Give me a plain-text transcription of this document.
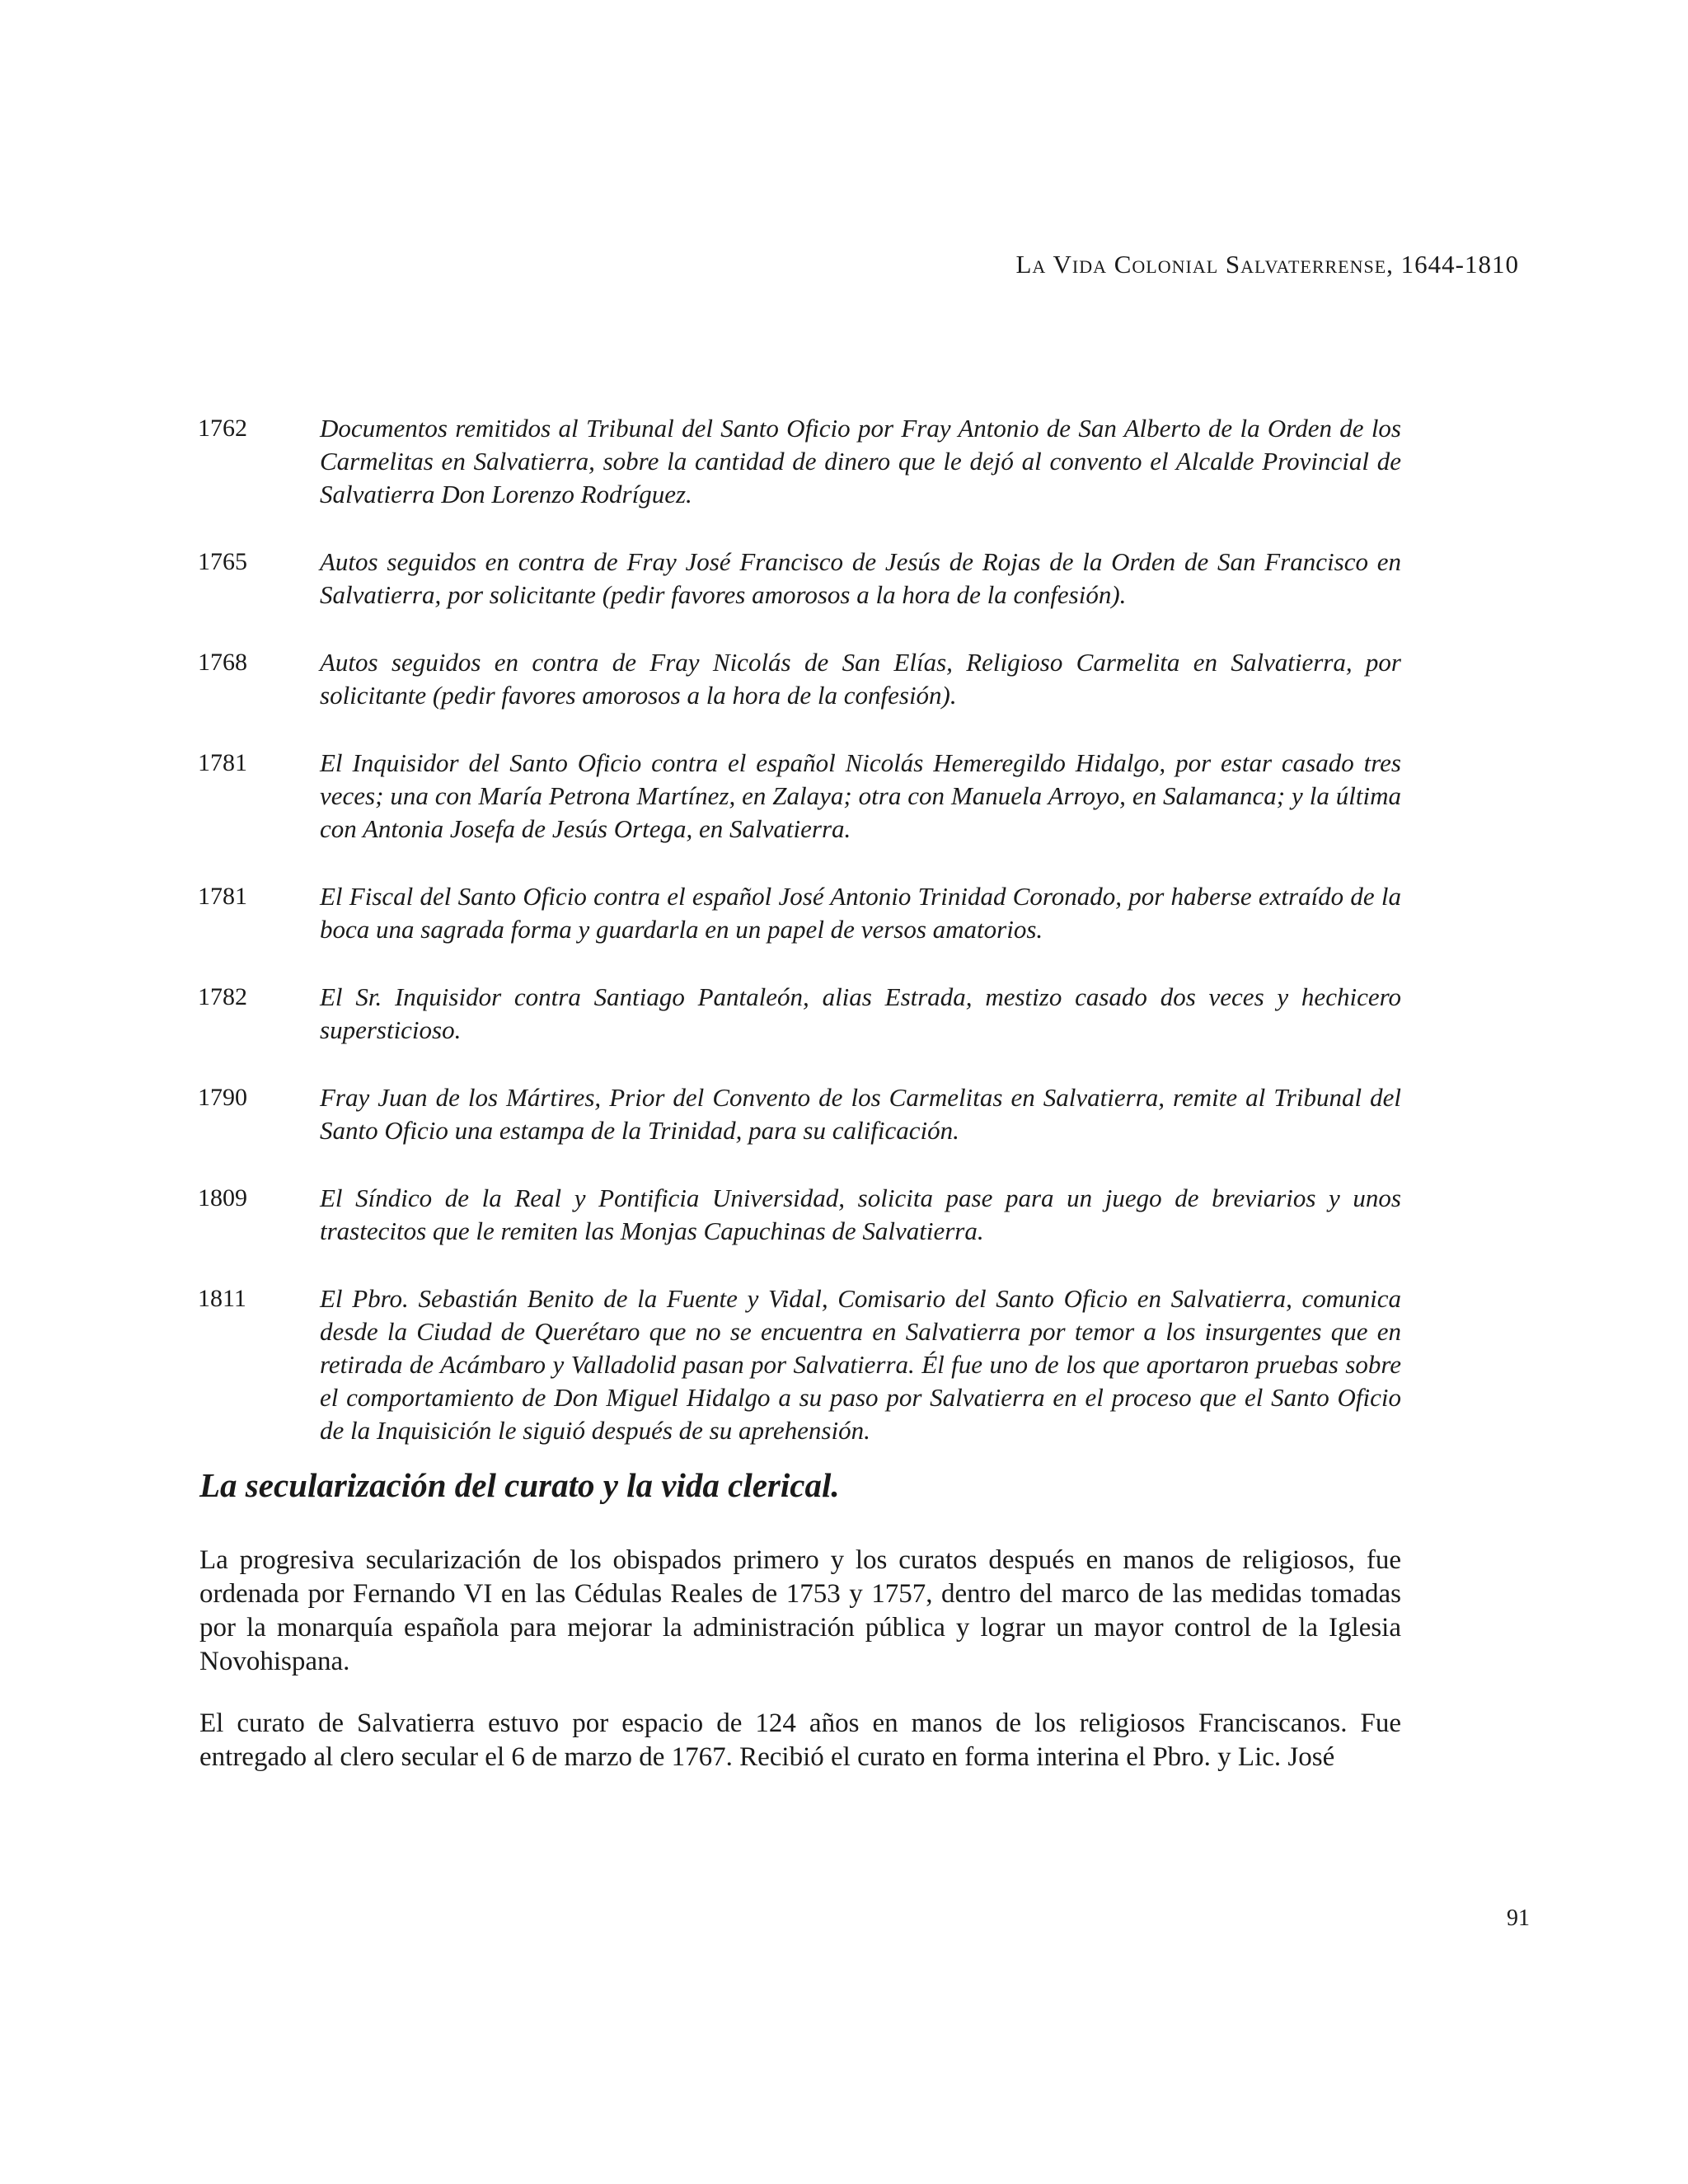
La Vida Colonial Salvaterrense, 1644-1810
1762	Documentos remitidos al Tribunal del Santo Oficio por Fray Antonio de San Alberto de la Orden de los Carmelitas en Salvatierra, sobre la cantidad de dinero que le dejó al convento el Alcalde Provincial de Salvatierra Don Lorenzo Rodríguez.
1765	Autos seguidos en contra de Fray José Francisco de Jesús de Rojas de la Orden de San Francisco en Salvatierra, por solicitante (pedir favores amorosos a la hora de la confesión).
1768	Autos seguidos en contra de Fray Nicolás de San Elías, Religioso Carmelita en Salvatierra, por solicitante (pedir favores amorosos a la hora de la confesión).
1781	El Inquisidor del Santo Oficio contra el español Nicolás Hemeregildo Hidalgo, por estar casado tres veces; una con María Petrona Martínez, en Zalaya; otra con Manuela Arroyo, en Salamanca; y la última con Antonia Josefa de Jesús Ortega, en Salvatierra.
1781	El Fiscal del Santo Oficio contra el español José Antonio Trinidad Coronado, por haberse extraído de la boca una sagrada forma y guardarla en un papel de versos amatorios.
1782	El Sr. Inquisidor contra Santiago Pantaleón, alias Estrada, mestizo casado dos veces y hechicero supersticioso.
1790	Fray Juan de los Mártires, Prior del Convento de los Carmelitas en Salvatierra, remite al Tribunal del Santo Oficio una estampa de la Trinidad, para su calificación.
1809	El Síndico de la Real y Pontificia Universidad, solicita pase para un juego de breviarios y unos trastecitos que le remiten las Monjas Capuchinas de Salvatierra.
1811	El Pbro. Sebastián Benito de la Fuente y Vidal, Comisario del Santo Oficio en Salvatierra, comunica desde la Ciudad de Querétaro que no se encuentra en Salvatierra por temor a los insurgentes que en retirada de Acámbaro y Valladolid pasan por Salvatierra. Él fue uno de los que aportaron pruebas sobre el comportamiento de Don Miguel Hidalgo a su paso por Salvatierra en el proceso que el Santo Oficio de la Inquisición le siguió después de su aprehensión.
La secularización del curato y la vida clerical.

La progresiva secularización de los obispados primero y los curatos después en manos de religiosos, fue ordenada por Fernando VI en las Cédulas Reales de 1753 y 1757, dentro del marco de las medidas tomadas por la monarquía española para mejorar la administración pública y lograr un mayor control de la Iglesia Novohispana.

El curato de Salvatierra estuvo por espacio de 124 años en manos de los religiosos Franciscanos. Fue entregado al clero secular el 6 de marzo de 1767. Recibió el curato en forma interina el Pbro. y Lic. José

91
